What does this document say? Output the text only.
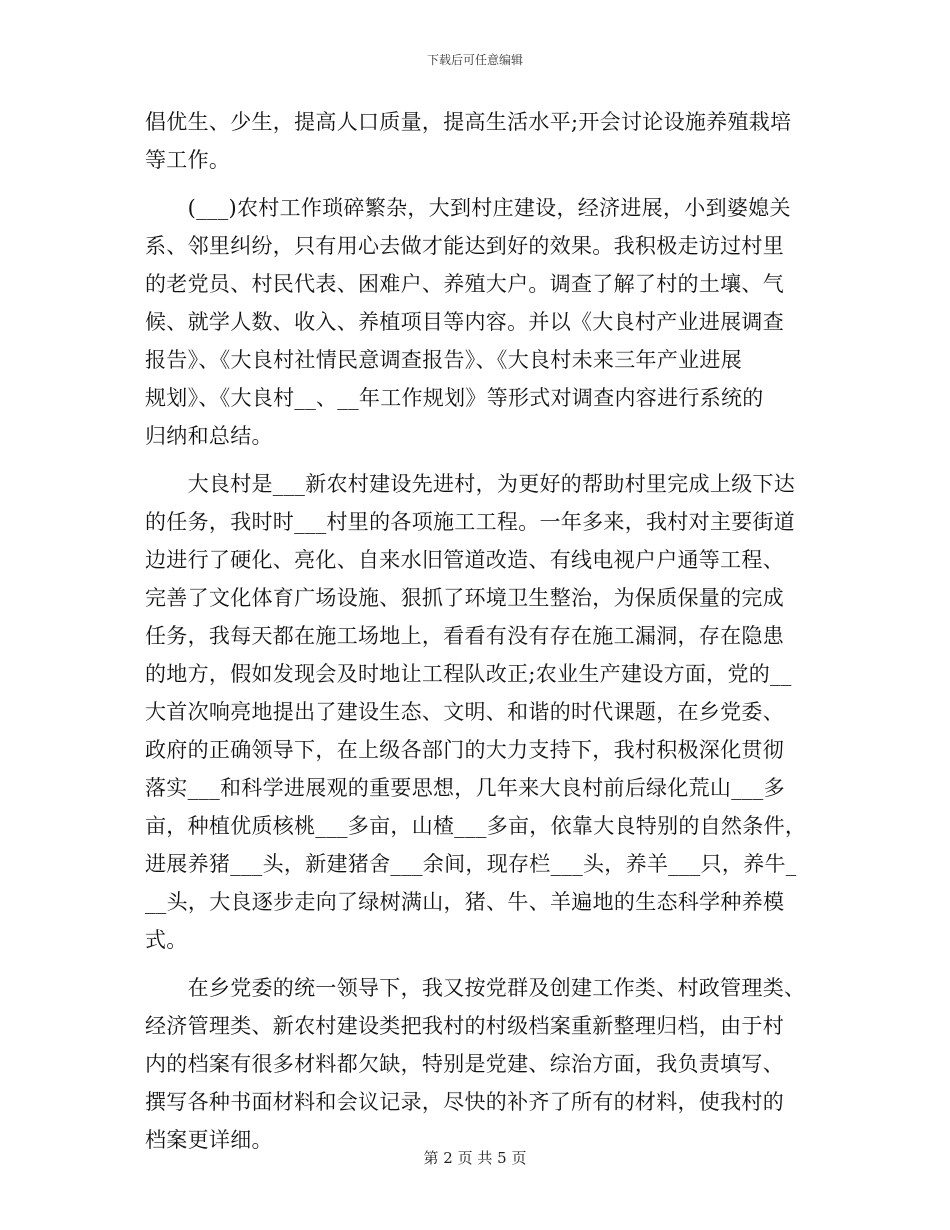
下载后可任意编辑
倡优生、少生，提高人口质量，提高生活水平;开会讨论设施养殖栽培
等工作。
　　(___)农村工作琐碎繁杂，大到村庄建设，经济进展，小到婆媳关
系、邻里纠纷，只有用心去做才能达到好的效果。我积极走访过村里
的老党员、村民代表、困难户、养殖大户。调查了解了村的土壤、气
候、就学人数、收入、养植项目等内容。并以《大良村产业进展调查
报告》、《大良村社情民意调查报告》、《大良村未来三年产业进展
规划》、《大良村__、__年工作规划》等形式对调查内容进行系统的
归纳和总结。
　　大良村是___新农村建设先进村，为更好的帮助村里完成上级下达
的任务，我时时___村里的各项施工工程。一年多来，我村对主要街道
边进行了硬化、亮化、自来水旧管道改造、有线电视户户通等工程、
完善了文化体育广场设施、狠抓了环境卫生整治，为保质保量的完成
任务，我每天都在施工场地上，看看有没有存在施工漏洞，存在隐患
的地方，假如发现会及时地让工程队改正;农业生产建设方面，党的__
大首次响亮地提出了建设生态、文明、和谐的时代课题，在乡党委、
政府的正确领导下，在上级各部门的大力支持下，我村积极深化贯彻
落实___和科学进展观的重要思想，几年来大良村前后绿化荒山___多
亩，种植优质核桃___多亩，山楂___多亩，依靠大良特别的自然条件，
进展养猪___头，新建猪舍___余间，现存栏___头，养羊___只，养牛_
__头，大良逐步走向了绿树满山，猪、牛、羊遍地的生态科学种养模
式。
　　在乡党委的统一领导下，我又按党群及创建工作类、村政管理类、
经济管理类、新农村建设类把我村的村级档案重新整理归档，由于村
内的档案有很多材料都欠缺，特别是党建、综治方面，我负责填写、
撰写各种书面材料和会议记录，尽快的补齐了所有的材料，使我村的
档案更详细。
第 2 页 共 5 页
